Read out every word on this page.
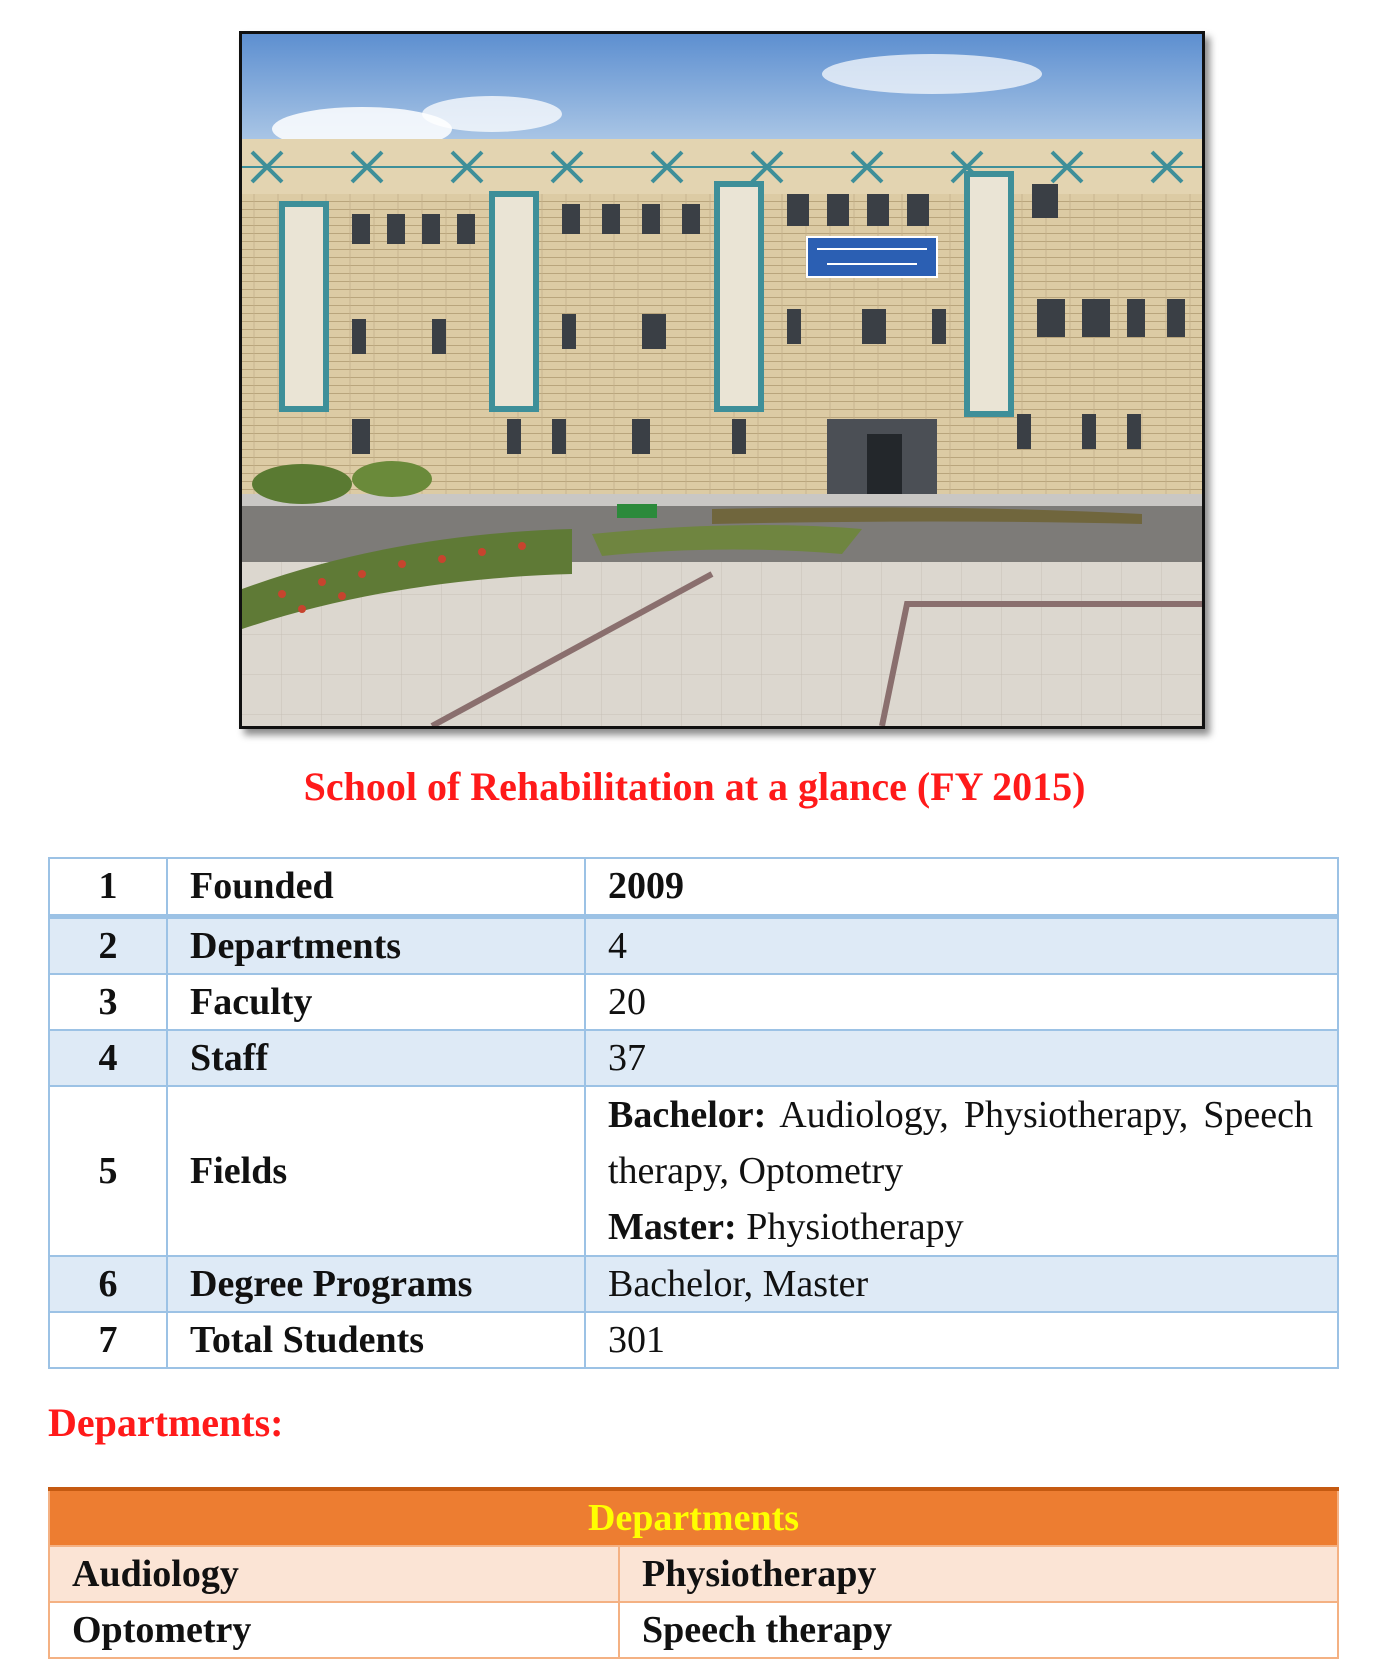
School of Rehabilitation at a glance (FY 2015)
1	Founded	2009
2	Departments	4
3	Faculty	20
4	Staff	37
5	Fields	Bachelor: Audiology, Physiotherapy, Speech therapy, Optometry
Master: Physiotherapy
6	Degree Programs	Bachelor, Master
7	Total Students	301
Departments:
Departments	
Audiology	Physiotherapy
Optometry	Speech therapy
